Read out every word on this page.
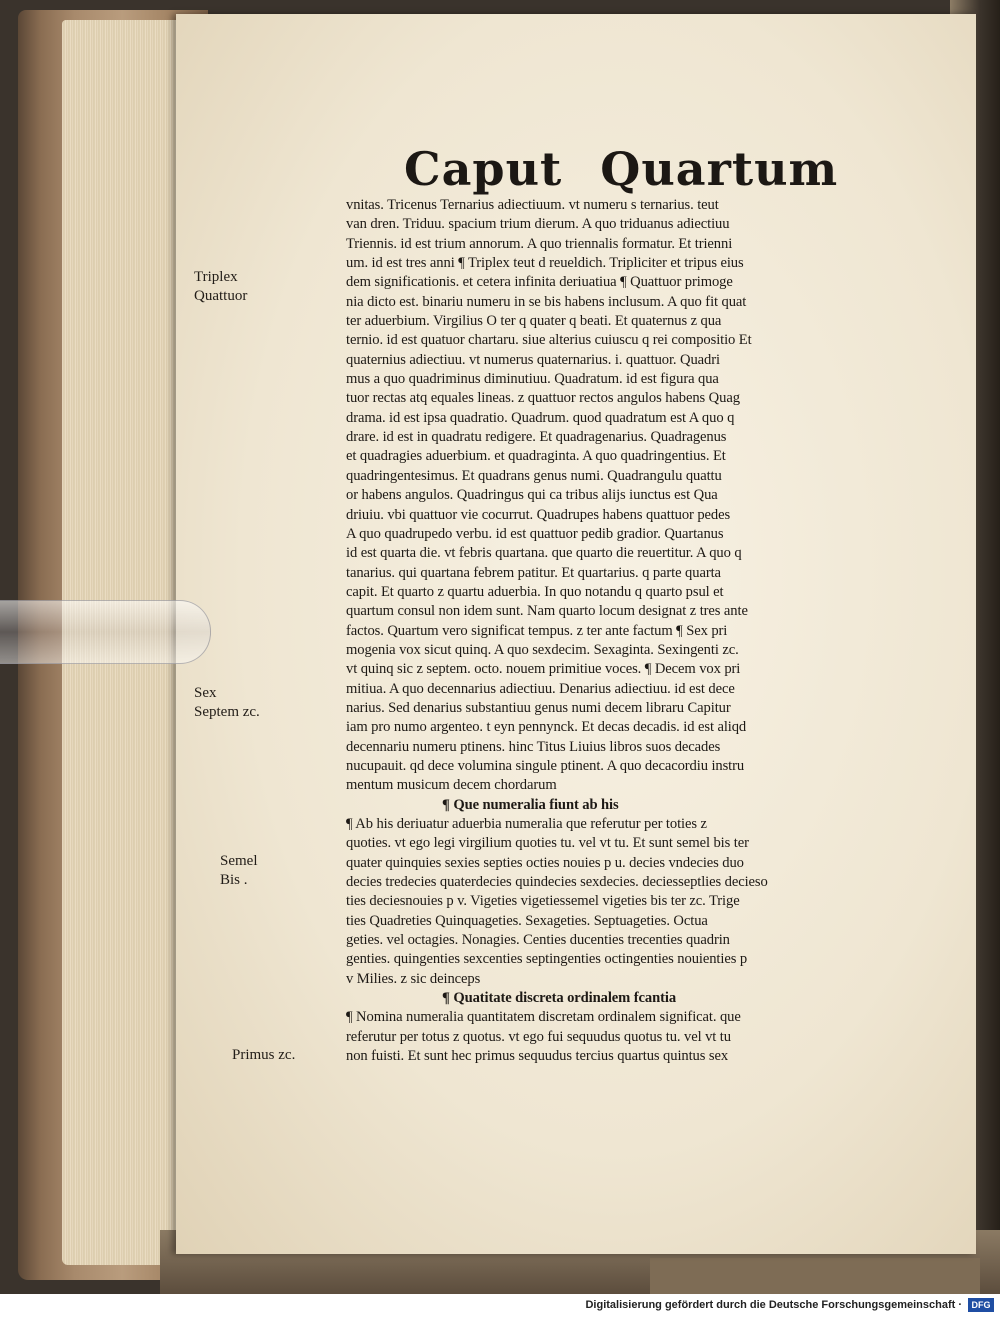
Caput Quartum
Triplex
Quattuor
Sex
Septem zc.
Semel
Bis .
Primus zc.
vnitas. Tricenus Ternarius adiectiuum. vt numeru s ternarius. teut
van dren. Triduu. spacium trium dierum. A quo triduanus adiectiuu
Triennis. id est trium annorum. A quo triennalis formatur. Et trienni
um. id est tres anni ¶ Triplex teut d reueldich. Tripliciter et tripus eius
dem significationis. et cetera infinita deriuatiua ¶ Quattuor primoge
nia dicto est. binariu numeru in se bis habens inclusum. A quo fit quat
ter aduerbium. Virgilius O ter q quater q beati. Et quaternus z qua
ternio. id est quatuor chartaru. siue alterius cuiuscu q rei compositio Et
quaternius adiectiuu. vt numerus quaternarius. i. quattuor. Quadri
mus a quo quadriminus diminutiuu. Quadratum. id est figura qua
tuor rectas atq equales lineas. z quattuor rectos angulos habens Quag
drama. id est ipsa quadratio. Quadrum. quod quadratum est A quo q
drare. id est in quadratu redigere. Et quadragenarius. Quadragenus
et quadragies aduerbium. et quadraginta. A quo quadringentius. Et
quadringentesimus. Et quadrans genus numi. Quadrangulu quattu
or habens angulos. Quadringus qui ca tribus alijs iunctus est Qua
driuiu. vbi quattuor vie cocurrut. Quadrupes habens quattuor pedes
A quo quadrupedo verbu. id est quattuor pedib gradior. Quartanus
id est quarta die. vt febris quartana. que quarto die reuertitur. A quo q
tanarius. qui quartana febrem patitur. Et quartarius. q parte quarta
capit. Et quarto z quartu aduerbia. In quo notandu q quarto psul et
quartum consul non idem sunt. Nam quarto locum designat z tres ante
factos. Quartum vero significat tempus. z ter ante factum ¶ Sex pri
mogenia vox sicut quinq. A quo sexdecim. Sexaginta. Sexingenti zc.
vt quinq sic z septem. octo. nouem primitiue voces. ¶ Decem vox pri
mitiua. A quo decennarius adiectiuu. Denarius adiectiuu. id est dece
narius. Sed denarius substantiuu genus numi decem libraru Capitur
iam pro numo argenteo. t eyn pennynck. Et decas decadis. id est aliqd
decennariu numeru ptinens. hinc Titus Liuius libros suos decades
nucupauit. qd dece volumina singule ptinent. A quo decacordiu instru
mentum musicum decem chordarum
¶ Que numeralia fiunt ab his
¶ Ab his deriuatur aduerbia numeralia que referutur per toties z
quoties. vt ego legi virgilium quoties tu. vel vt tu. Et sunt semel bis ter
quater quinquies sexies septies octies nouies p u. decies vndecies duo
decies tredecies quaterdecies quindecies sexdecies. deciesseptlies decieso
ties deciesnouies p v. Vigeties vigetiessemel vigeties bis ter zc. Trige
ties Quadreties Quinquageties. Sexageties. Septuageties. Octua
geties. vel octagies. Nonagies. Centies ducenties trecenties quadrin
genties. quingenties sexcenties septingenties octingenties nouienties p
v Milies. z sic deinceps
¶ Quatitate discreta ordinalem fcantia
¶ Nomina numeralia quantitatem discretam ordinalem significat. que
referutur per totus z quotus. vt ego fui sequudus quotus tu. vel vt tu
non fuisti. Et sunt hec primus sequudus tercius quartus quintus sex
Digitalisierung gefördert durch die Deutsche Forschungsgemeinschaft ·	DFG
